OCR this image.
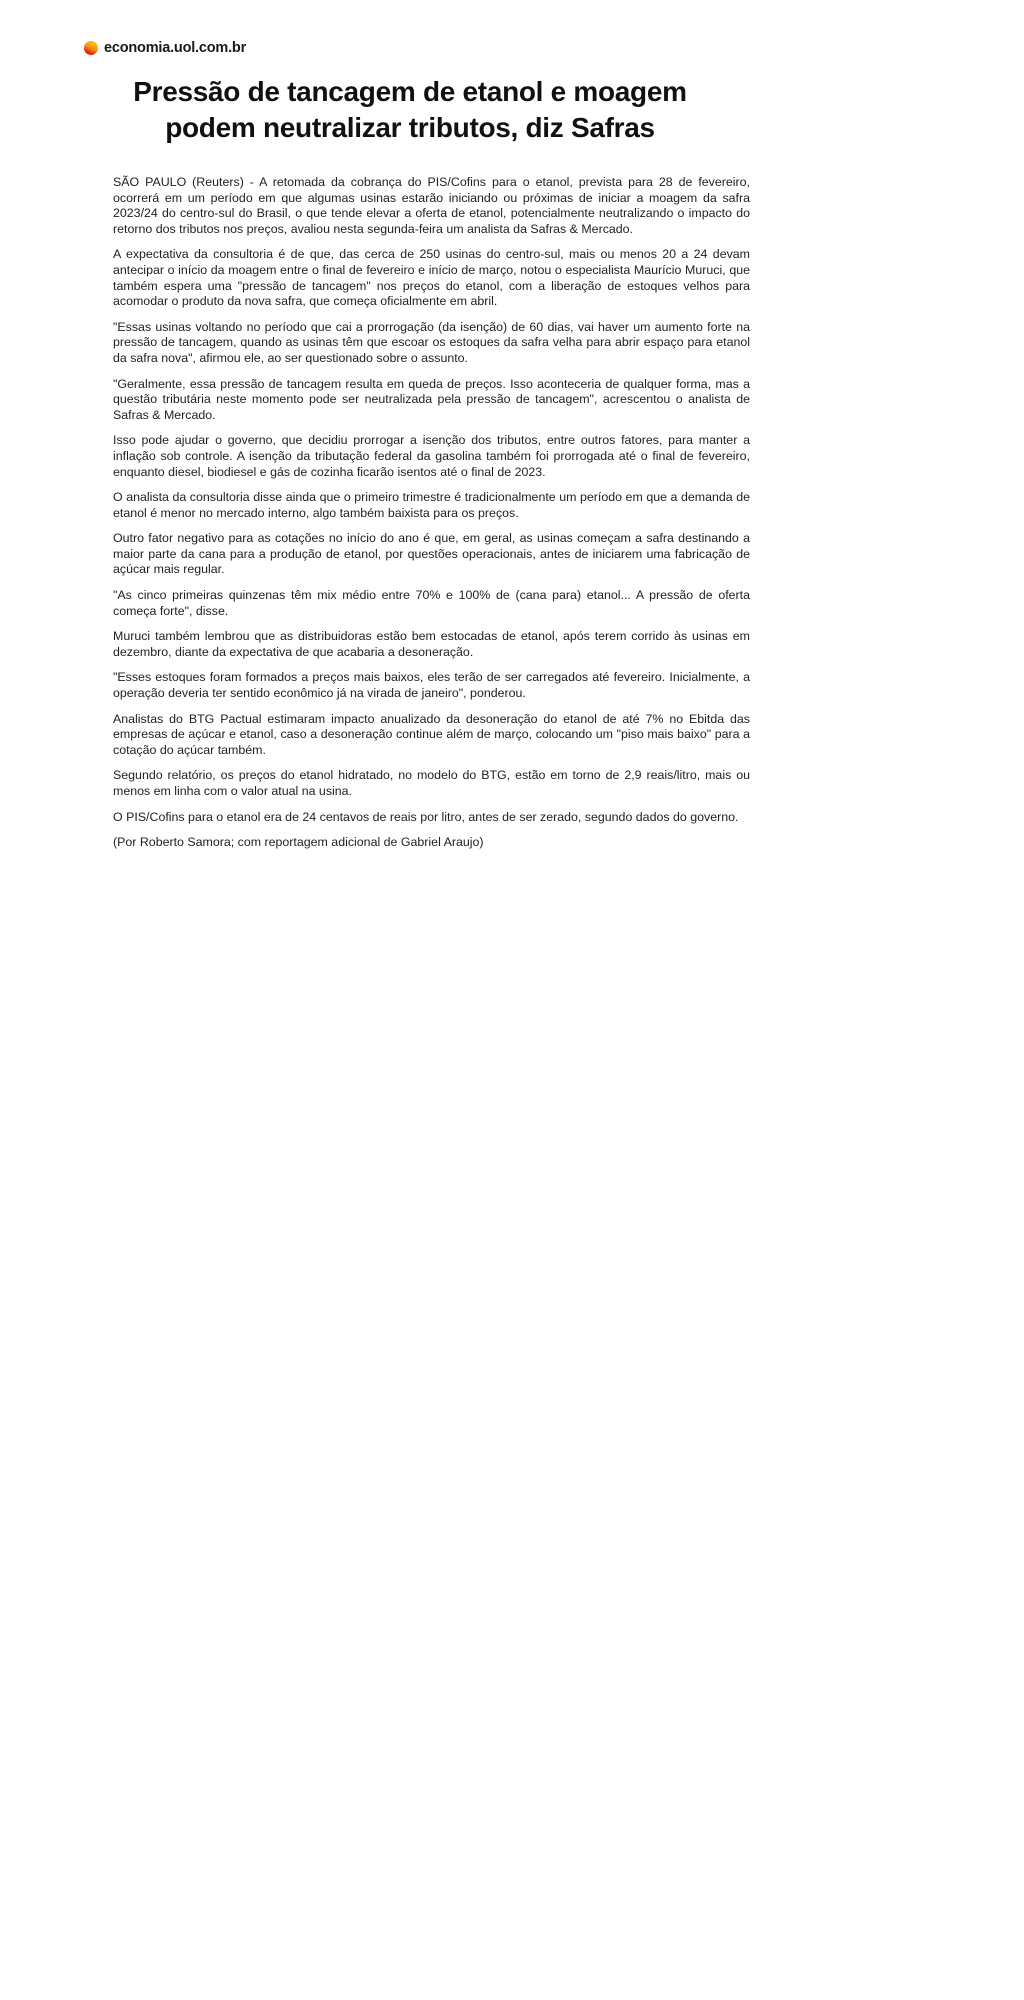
economia.uol.com.br
Pressão de tancagem de etanol e moagem podem neutralizar tributos, diz Safras

SÃO PAULO (Reuters) - A retomada da cobrança do PIS/Cofins para o etanol, prevista para 28 de fevereiro, ocorrerá em um período em que algumas usinas estarão iniciando ou próximas de iniciar a moagem da safra 2023/24 do centro-sul do Brasil, o que tende elevar a oferta de etanol, potencialmente neutralizando o impacto do retorno dos tributos nos preços, avaliou nesta segunda-feira um analista da Safras & Mercado.

A expectativa da consultoria é de que, das cerca de 250 usinas do centro-sul, mais ou menos 20 a 24 devam antecipar o início da moagem entre o final de fevereiro e início de março, notou o especialista Maurício Muruci, que também espera uma "pressão de tancagem" nos preços do etanol, com a liberação de estoques velhos para acomodar o produto da nova safra, que começa oficialmente em abril.

"Essas usinas voltando no período que cai a prorrogação (da isenção) de 60 dias, vai haver um aumento forte na pressão de tancagem, quando as usinas têm que escoar os estoques da safra velha para abrir espaço para etanol da safra nova", afirmou ele, ao ser questionado sobre o assunto.

"Geralmente, essa pressão de tancagem resulta em queda de preços. Isso aconteceria de qualquer forma, mas a questão tributária neste momento pode ser neutralizada pela pressão de tancagem", acrescentou o analista de Safras & Mercado.

Isso pode ajudar o governo, que decidiu prorrogar a isenção dos tributos, entre outros fatores, para manter a inflação sob controle. A isenção da tributação federal da gasolina também foi prorrogada até o final de fevereiro, enquanto diesel, biodiesel e gás de cozinha ficarão isentos até o final de 2023.

O analista da consultoria disse ainda que o primeiro trimestre é tradicionalmente um período em que a demanda de etanol é menor no mercado interno, algo também baixista para os preços.

Outro fator negativo para as cotações no início do ano é que, em geral, as usinas começam a safra destinando a maior parte da cana para a produção de etanol, por questões operacionais, antes de iniciarem uma fabricação de açúcar mais regular.

"As cinco primeiras quinzenas têm mix médio entre 70% e 100% de (cana para) etanol... A pressão de oferta começa forte", disse.

Muruci também lembrou que as distribuidoras estão bem estocadas de etanol, após terem corrido às usinas em dezembro, diante da expectativa de que acabaria a desoneração.

"Esses estoques foram formados a preços mais baixos, eles terão de ser carregados até fevereiro. Inicialmente, a operação deveria ter sentido econômico já na virada de janeiro", ponderou.

Analistas do BTG Pactual estimaram impacto anualizado da desoneração do etanol de até 7% no Ebitda das empresas de açúcar e etanol, caso a desoneração continue além de março, colocando um "piso mais baixo" para a cotação do açúcar também.

Segundo relatório, os preços do etanol hidratado, no modelo do BTG, estão em torno de 2,9 reais/litro, mais ou menos em linha com o valor atual na usina.

O PIS/Cofins para o etanol era de 24 centavos de reais por litro, antes de ser zerado, segundo dados do governo.

(Por Roberto Samora; com reportagem adicional de Gabriel Araujo)
